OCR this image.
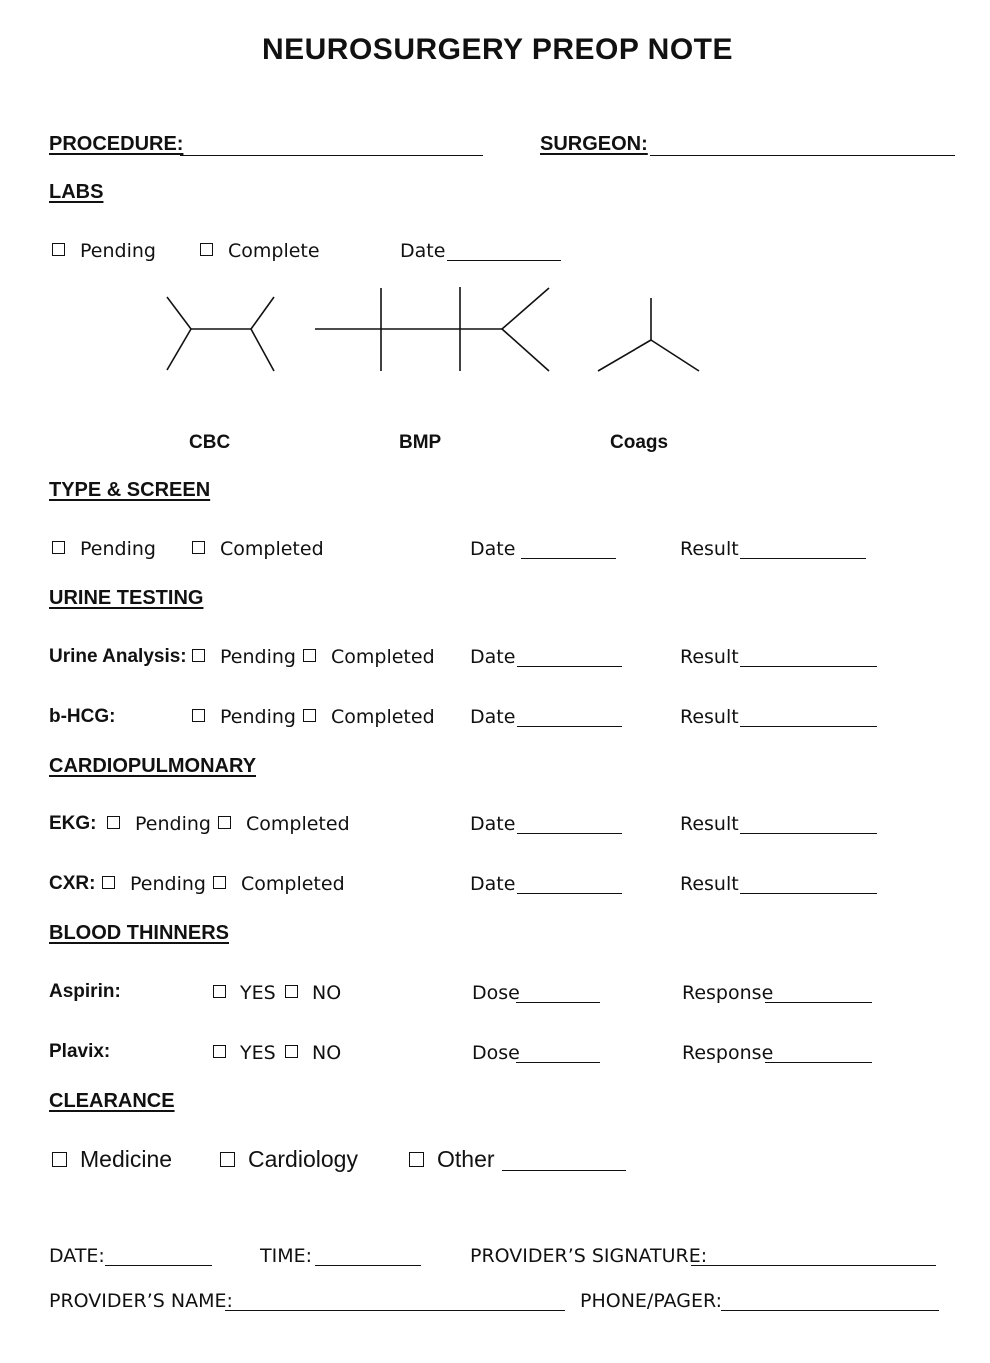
NEUROSURGERY PREOP NOTE
PROCEDURE:	SURGEON:
LABS
Pending	Complete	Date
CBC	BMP	Coags
TYPE & SCREEN
Pending	Completed	Date	Result
URINE TESTING
Urine Analysis: Pending Completed Date	Result
b-HCG:	Pending Completed Date	Result
CARDIOPULMONARY
EKG: Pending Completed	Date	Result
CXR: Pending Completed	Date	Result
BLOOD THINNERS
Aspirin:	YES NO	Dose	Response
Plavix:	YES NO	Dose	Response
CLEARANCE
Medicine	Cardiology	Other
DATE:	TIME:	PROVIDER’S SIGNATURE:
PROVIDER’S NAME:	PHONE/PAGER:
